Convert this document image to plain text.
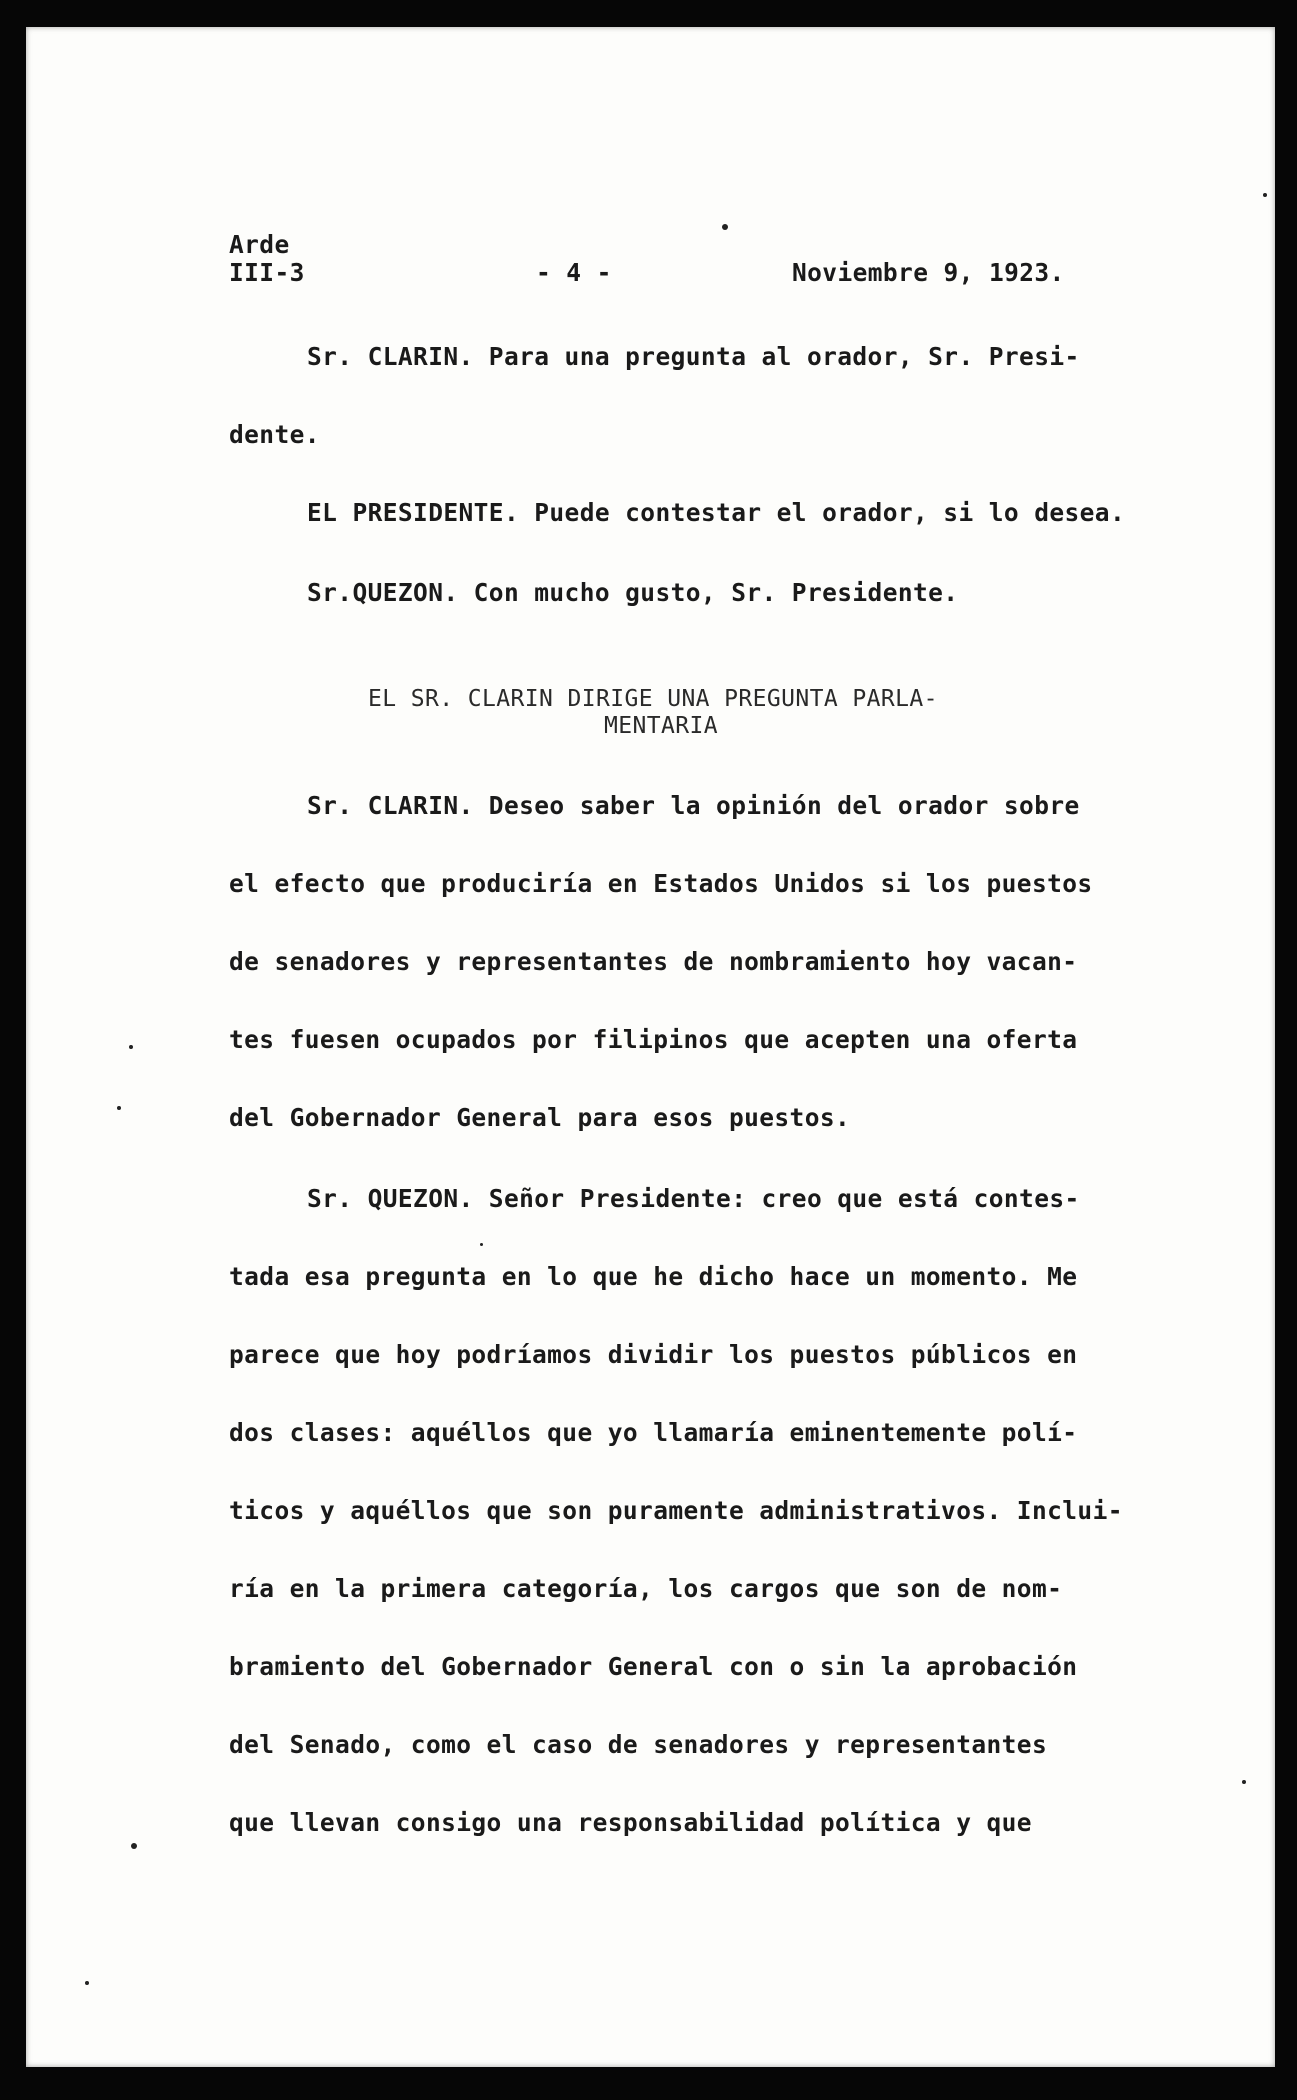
Arde
III-3	- 4 -	Noviembre 9, 1923.
Sr. CLARIN. Para una pregunta al orador, Sr. Presi-
dente.
EL PRESIDENTE. Puede contestar el orador, si lo desea.
Sr.QUEZON. Con mucho gusto, Sr. Presidente.
EL SR. CLARIN DIRIGE UNA PREGUNTA PARLA-
MENTARIA
Sr. CLARIN. Deseo saber la opinión del orador sobre
el efecto que produciría en Estados Unidos si los puestos
de senadores y representantes de nombramiento hoy vacan-
tes fuesen ocupados por filipinos que acepten una oferta
del Gobernador General para esos puestos.
Sr. QUEZON. Señor Presidente: creo que está contes-
tada esa pregunta en lo que he dicho hace un momento. Me
parece que hoy podríamos dividir los puestos públicos en
dos clases: aquéllos que yo llamaría eminentemente polí-
ticos y aquéllos que son puramente administrativos. Inclui-
ría en la primera categoría, los cargos que son de nom-
bramiento del Gobernador General con o sin la aprobación
del Senado, como el caso de senadores y representantes
que llevan consigo una responsabilidad política y que
